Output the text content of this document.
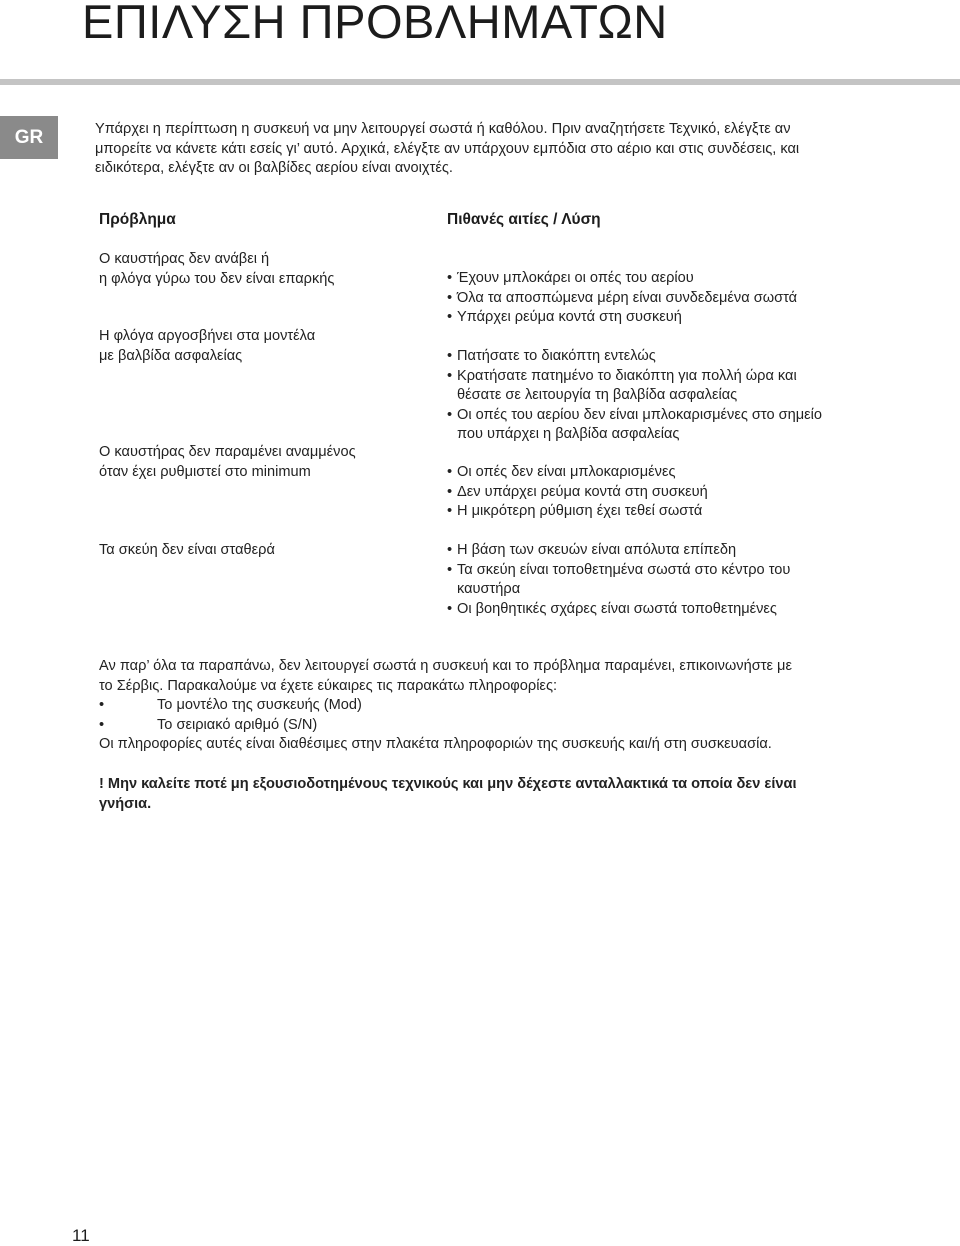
ΕΠΙΛΥΣΗ ΠΡΟΒΛΗΜΑΤΩΝ
GR	Υπάρχει η περίπτωση η συσκευή να μην λειτουργεί σωστά ή καθόλου. Πριν αναζητήσετε Τεχνικό, ελέγξτε αν
μπορείτε να κάνετε κάτι εσείς γι’ αυτό. Αρχικά, ελέγξτε αν υπάρχουν εμπόδια στο αέριο και στις συνδέσεις, και
ειδικότερα, ελέγξτε αν οι βαλβίδες αερίου είναι ανοιχτές.

Πρόβλημα	Πιθανές αιτίες / Λύση

Ο καυστήρας δεν ανάβει ή
η φλόγα γύρω του δεν είναι επαρκής	• Έχουν μπλοκάρει οι οπές του αερίου
• Όλα τα αποσπώμενα μέρη είναι συνδεδεμένα σωστά
• Υπάρχει ρεύμα κοντά στη συσκευή

Η φλόγα αργοσβήνει στα μοντέλα
με βαλβίδα ασφαλείας	• Πατήσατε το διακόπτη εντελώς
• Κρατήσατε πατημένο το διακόπτη για πολλή ώρα και
θέσατε σε λειτουργία τη βαλβίδα ασφαλείας
• Οι οπές του αερίου δεν είναι μπλοκαρισμένες στο σημείο
που υπάρχει η βαλβίδα ασφαλείας

Ο καυστήρας δεν παραμένει αναμμένος
όταν έχει ρυθμιστεί στο minimum	• Οι οπές δεν είναι μπλοκαρισμένες
• Δεν υπάρχει ρεύμα κοντά στη συσκευή
• Η μικρότερη ρύθμιση έχει τεθεί σωστά

Τα σκεύη δεν είναι σταθερά	• Η βάση των σκευών είναι απόλυτα επίπεδη
• Τα σκεύη είναι τοποθετημένα σωστά στο κέντρο του
καυστήρα
• Οι βοηθητικές σχάρες είναι σωστά τοποθετημένες
Αν παρ’ όλα τα παραπάνω, δεν λειτουργεί σωστά η συσκευή και το πρόβλημα παραμένει, επικοινωνήστε με
το Σέρβις. Παρακαλούμε να έχετε εύκαιρες τις παρακάτω πληροφορίες:
• Το μοντέλο της συσκευής (Mod)
• Το σειριακό αριθμό (S/N)
Οι πληροφορίες αυτές είναι διαθέσιμες στην πλακέτα πληροφοριών της συσκευής και/ή στη συσκευασία.

! Μην καλείτε ποτέ μη εξουσιοδοτημένους τεχνικούς και μην δέχεστε ανταλλακτικά τα οποία δεν είναι
γνήσια.

11
